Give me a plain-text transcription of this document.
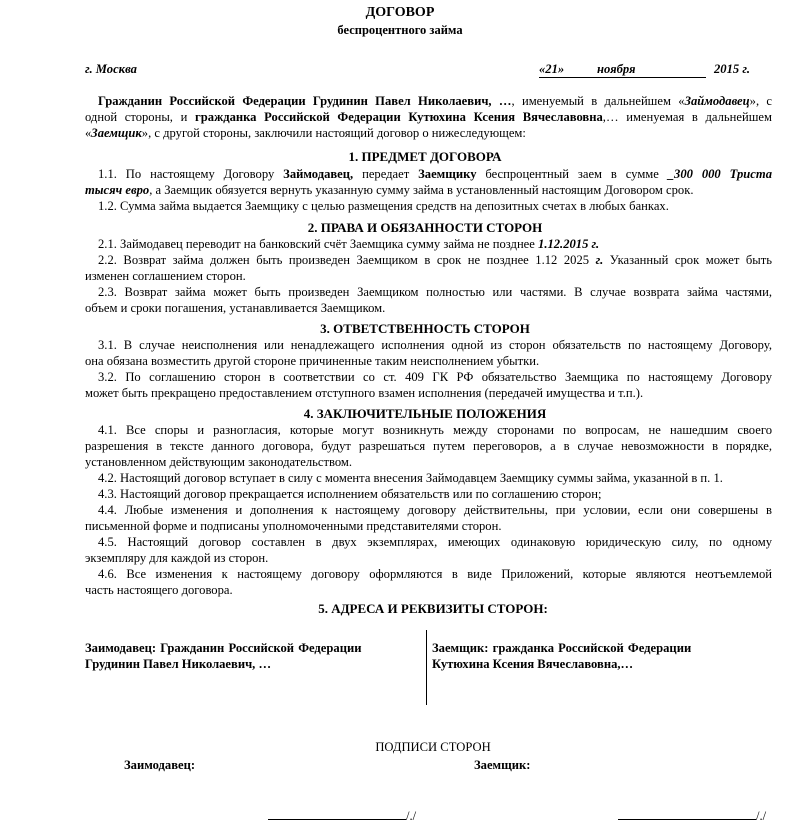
ДОГОВОР
беспроцентного займа
г. Москва	«21»	ноября	2015 г.
Гражданин Российской Федерации Грудинин Павел Николаевич, …, именуемый в дальнейшем «Займодавец», с
одной стороны, и гражданка Российской Федерации Кутюхина Ксения Вячеславовна,… именуемая в дальнейшем
«Заемщик», с другой стороны, заключили настоящий договор о нижеследующем:
1. ПРЕДМЕТ ДОГОВОРА
1.1. По настоящему Договору Займодавец, передает Заемщику беспроцентный заем в сумме _300 000 Триста
тысяч евро, а Заемщик обязуется вернуть указанную сумму займа в установленный настоящим Договором срок.
1.2. Сумма займа выдается Заемщику с целью размещения средств на депозитных счетах в любых банках.
2. ПРАВА И ОБЯЗАННОСТИ СТОРОН
2.1. Займодавец переводит на банковский счёт Заемщика сумму займа не позднее 1.12.2015 г.
2.2. Возврат займа должен быть произведен Заемщиком в срок не позднее 1.12 2025 г. Указанный срок может быть
изменен соглашением сторон.
2.3. Возврат займа может быть произведен Заемщиком полностью или частями. В случае возврата займа частями,
объем и сроки погашения, устанавливается Заемщиком.
3. ОТВЕТСТВЕННОСТЬ СТОРОН
3.1. В случае неисполнения или ненадлежащего исполнения одной из сторон обязательств по настоящему Договору,
она обязана возместить другой стороне причиненные таким неисполнением убытки.
3.2. По соглашению сторон в соответствии со ст. 409 ГК РФ обязательство Заемщика по настоящему Договору
может быть прекращено предоставлением отступного взамен исполнения (передачей имущества и т.п.).
4. ЗАКЛЮЧИТЕЛЬНЫЕ ПОЛОЖЕНИЯ
4.1. Все споры и разногласия, которые могут возникнуть между сторонами по вопросам, не нашедшим своего
разрешения в тексте данного договора, будут разрешаться путем переговоров, а в случае невозможности в порядке,
установленном действующим законодательством.
4.2. Настоящий договор вступает в силу с момента внесения Займодавцем Заемщику суммы займа, указанной в п. 1.
4.3. Настоящий договор прекращается исполнением обязательств или по соглашению сторон;
4.4. Любые изменения и дополнения к настоящему договору действительны, при условии, если они совершены в
письменной форме и подписаны уполномоченными представителями сторон.
4.5. Настоящий договор составлен в двух экземплярах, имеющих одинаковую юридическую силу, по одному
экземпляру для каждой из сторон.
4.6. Все изменения к настоящему договору оформляются в виде Приложений, которые являются неотъемлемой
часть настоящего договора.
5. АДРЕСА И РЕКВИЗИТЫ СТОРОН:
Заимодавец: Гражданин Российской Федерации
Грудинин Павел Николаевич, …
Заемщик: гражданка Российской Федерации
Кутюхина Ксения Вячеславовна,…
ПОДПИСИ СТОРОН
Заимодавец:	Заемщик:
/./	/./
